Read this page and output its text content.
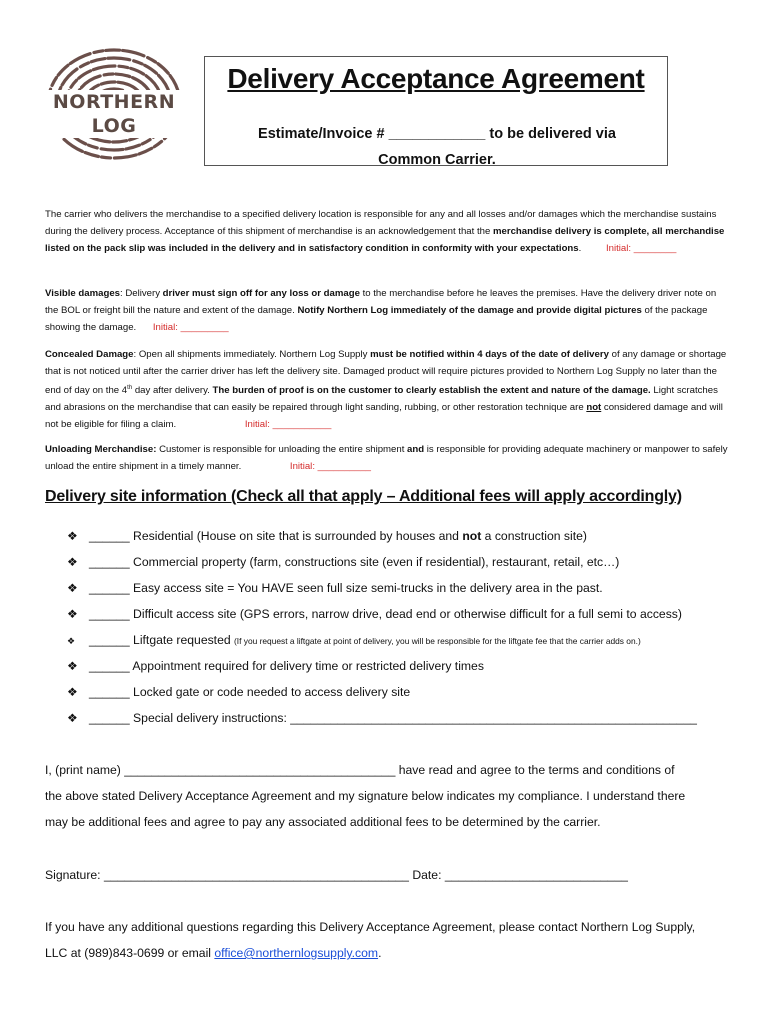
NORTHERN LOG
Delivery Acceptance Agreement
Estimate/Invoice # ____________ to be delivered via Common Carrier.
The carrier who delivers the merchandise to a specified delivery location is responsible for any and all losses and/or damages which the merchandise sustains during the delivery process. Acceptance of this shipment of merchandise is an acknowledgement that the merchandise delivery is complete, all merchandise listed on the pack slip was included in the delivery and in satisfactory condition in conformity with your expectations.	Initial: ________
Visible damages: Delivery driver must sign off for any loss or damage to the merchandise before he leaves the premises. Have the delivery driver note on the BOL or freight bill the nature and extent of the damage. Notify Northern Log immediately of the damage and provide digital pictures of the package showing the damage. Initial: _________
Concealed Damage: Open all shipments immediately. Northern Log Supply must be notified within 4 days of the date of delivery of any damage or shortage that is not noticed until after the carrier driver has left the delivery site. Damaged product will require pictures provided to Northern Log Supply no later than the end of day on the 4th day after delivery. The burden of proof is on the customer to clearly establish the extent and nature of the damage. Light scratches and abrasions on the merchandise that can easily be repaired through light sanding, rubbing, or other restoration technique are not considered damage and will not be eligible for filing a claim.	Initial: ___________
Unloading Merchandise: Customer is responsible for unloading the entire shipment and is responsible for providing adequate machinery or manpower to safely unload the entire shipment in a timely manner.	Initial: __________
Delivery site information (Check all that apply – Additional fees will apply accordingly)
❖ ______ Residential (House on site that is surrounded by houses and not a construction site)
❖ ______ Commercial property (farm, constructions site (even if residential), restaurant, retail, etc…)
❖ ______ Easy access site = You HAVE seen full size semi-trucks in the delivery area in the past.
❖ ______ Difficult access site (GPS errors, narrow drive, dead end or otherwise difficult for a full semi to access)
❖ ______ Liftgate requested (If you request a liftgate at point of delivery, you will be responsible for the liftgate fee that the carrier adds on.)
❖ ______ Appointment required for delivery time or restricted delivery times
❖ ______ Locked gate or code needed to access delivery site
❖ ______ Special delivery instructions: ____________________________________________________________
I, (print name) ________________________________________ have read and agree to the terms and conditions of
the above stated Delivery Acceptance Agreement and my signature below indicates my compliance. I understand there
may be additional fees and agree to pay any associated additional fees to be determined by the carrier.
Signature: _____________________________________________ Date: ___________________________
If you have any additional questions regarding this Delivery Acceptance Agreement, please contact Northern Log Supply,
LLC at (989)843-0699 or email office@northernlogsupply.com.
